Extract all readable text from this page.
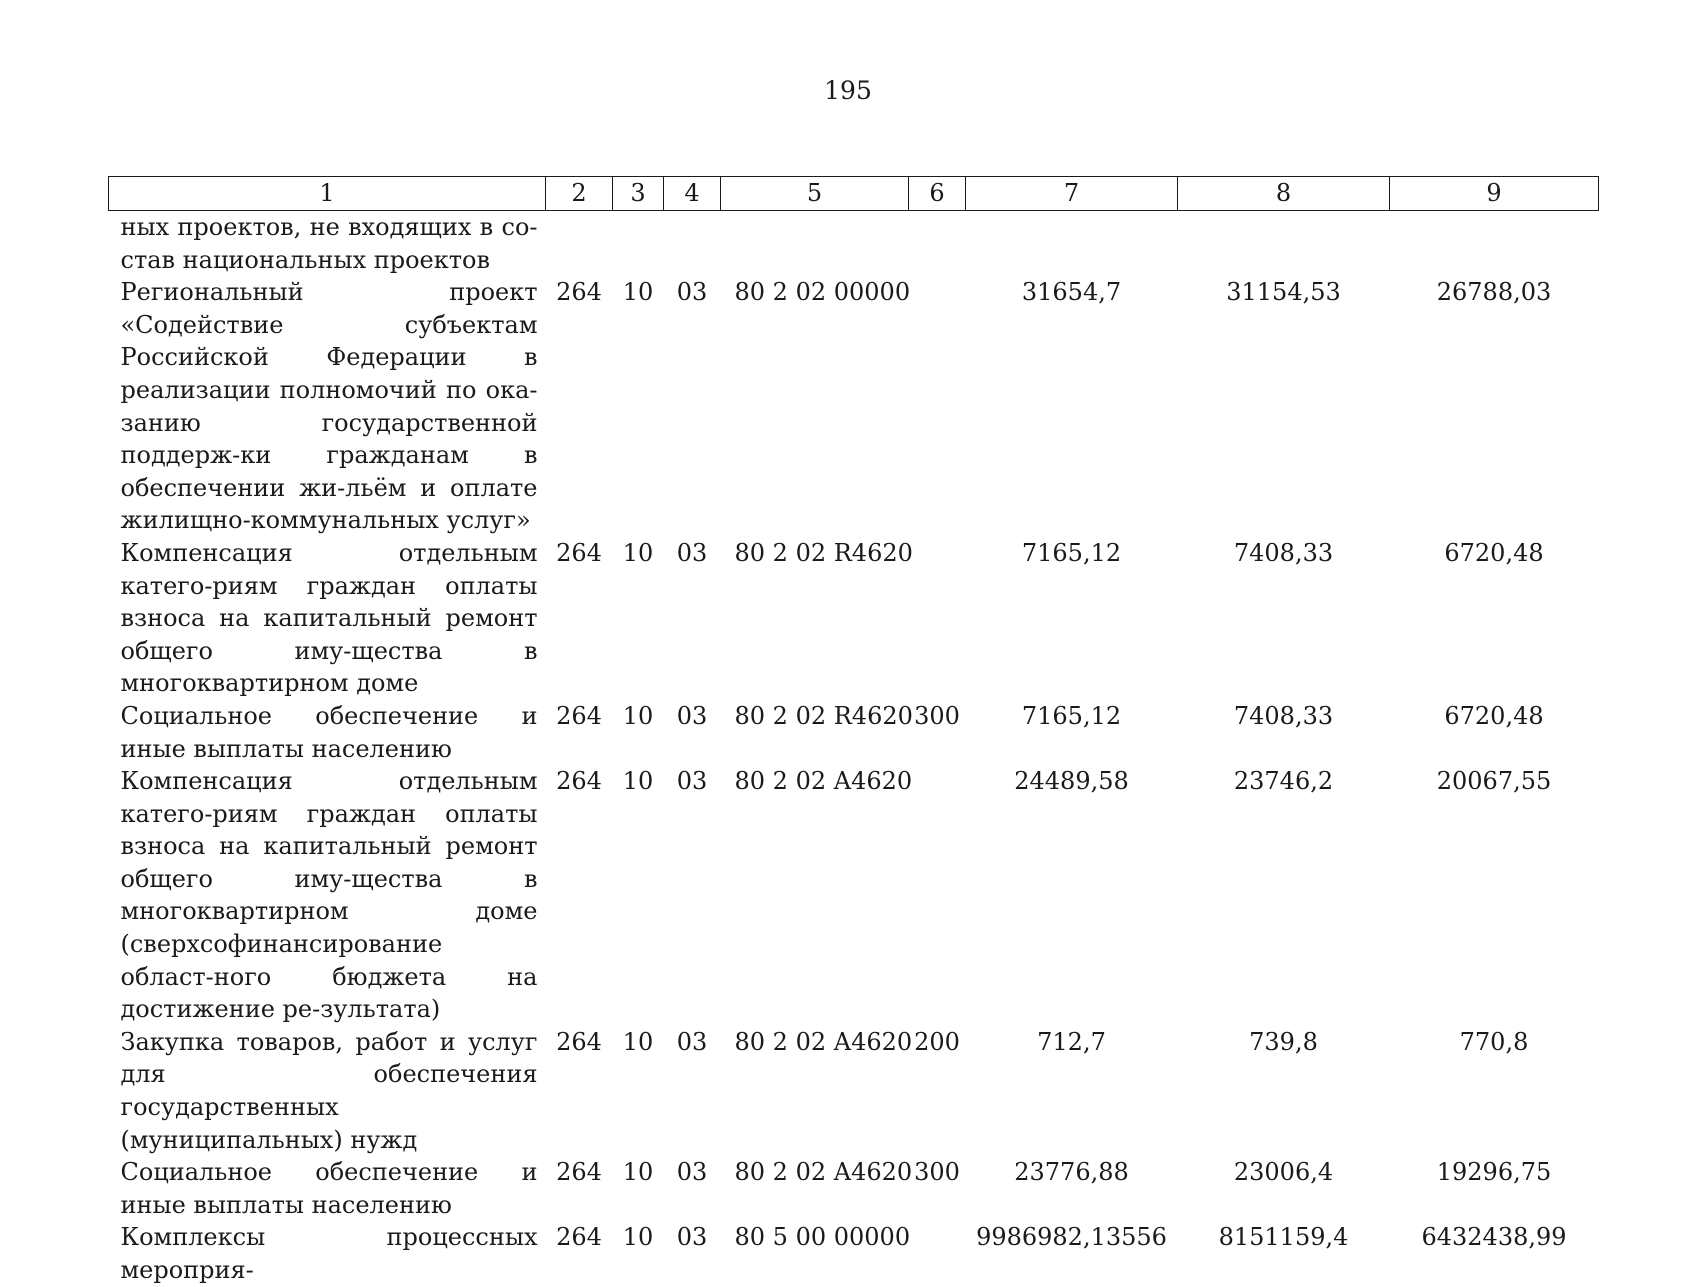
195
1	2	3	4	5	6	7	8	9
ных проектов, не входящих в со-став национальных проектов								
Региональный проект «Содействие субъектам Российской Федерации в реализации полномочий по ока-занию государственной поддерж-ки гражданам в обеспечении жи-льём и оплате жилищно-коммунальных услуг»	264	10	03	80 2 02 00000		31654,7	31154,53	26788,03
Компенсация отдельным катего-риям граждан оплаты взноса на капитальный ремонт общего иму-щества в многоквартирном доме	264	10	03	80 2 02 R4620		7165,12	7408,33	6720,48
Социальное обеспечение и иные выплаты населению	264	10	03	80 2 02 R4620	300	7165,12	7408,33	6720,48
Компенсация отдельным катего-риям граждан оплаты взноса на капитальный ремонт общего иму-щества в многоквартирном доме (сверхсофинансирование област-ного бюджета на достижение ре-зультата)	264	10	03	80 2 02 A4620		24489,58	23746,2	20067,55
Закупка товаров, работ и услуг для обеспечения государственных (муниципальных) нужд	264	10	03	80 2 02 A4620	200	712,7	739,8	770,8
Социальное обеспечение и иные выплаты населению	264	10	03	80 2 02 A4620	300	23776,88	23006,4	19296,75
Комплексы процессных мероприя-	264	10	03	80 5 00 00000		9986982,13556	8151159,4	6432438,99
